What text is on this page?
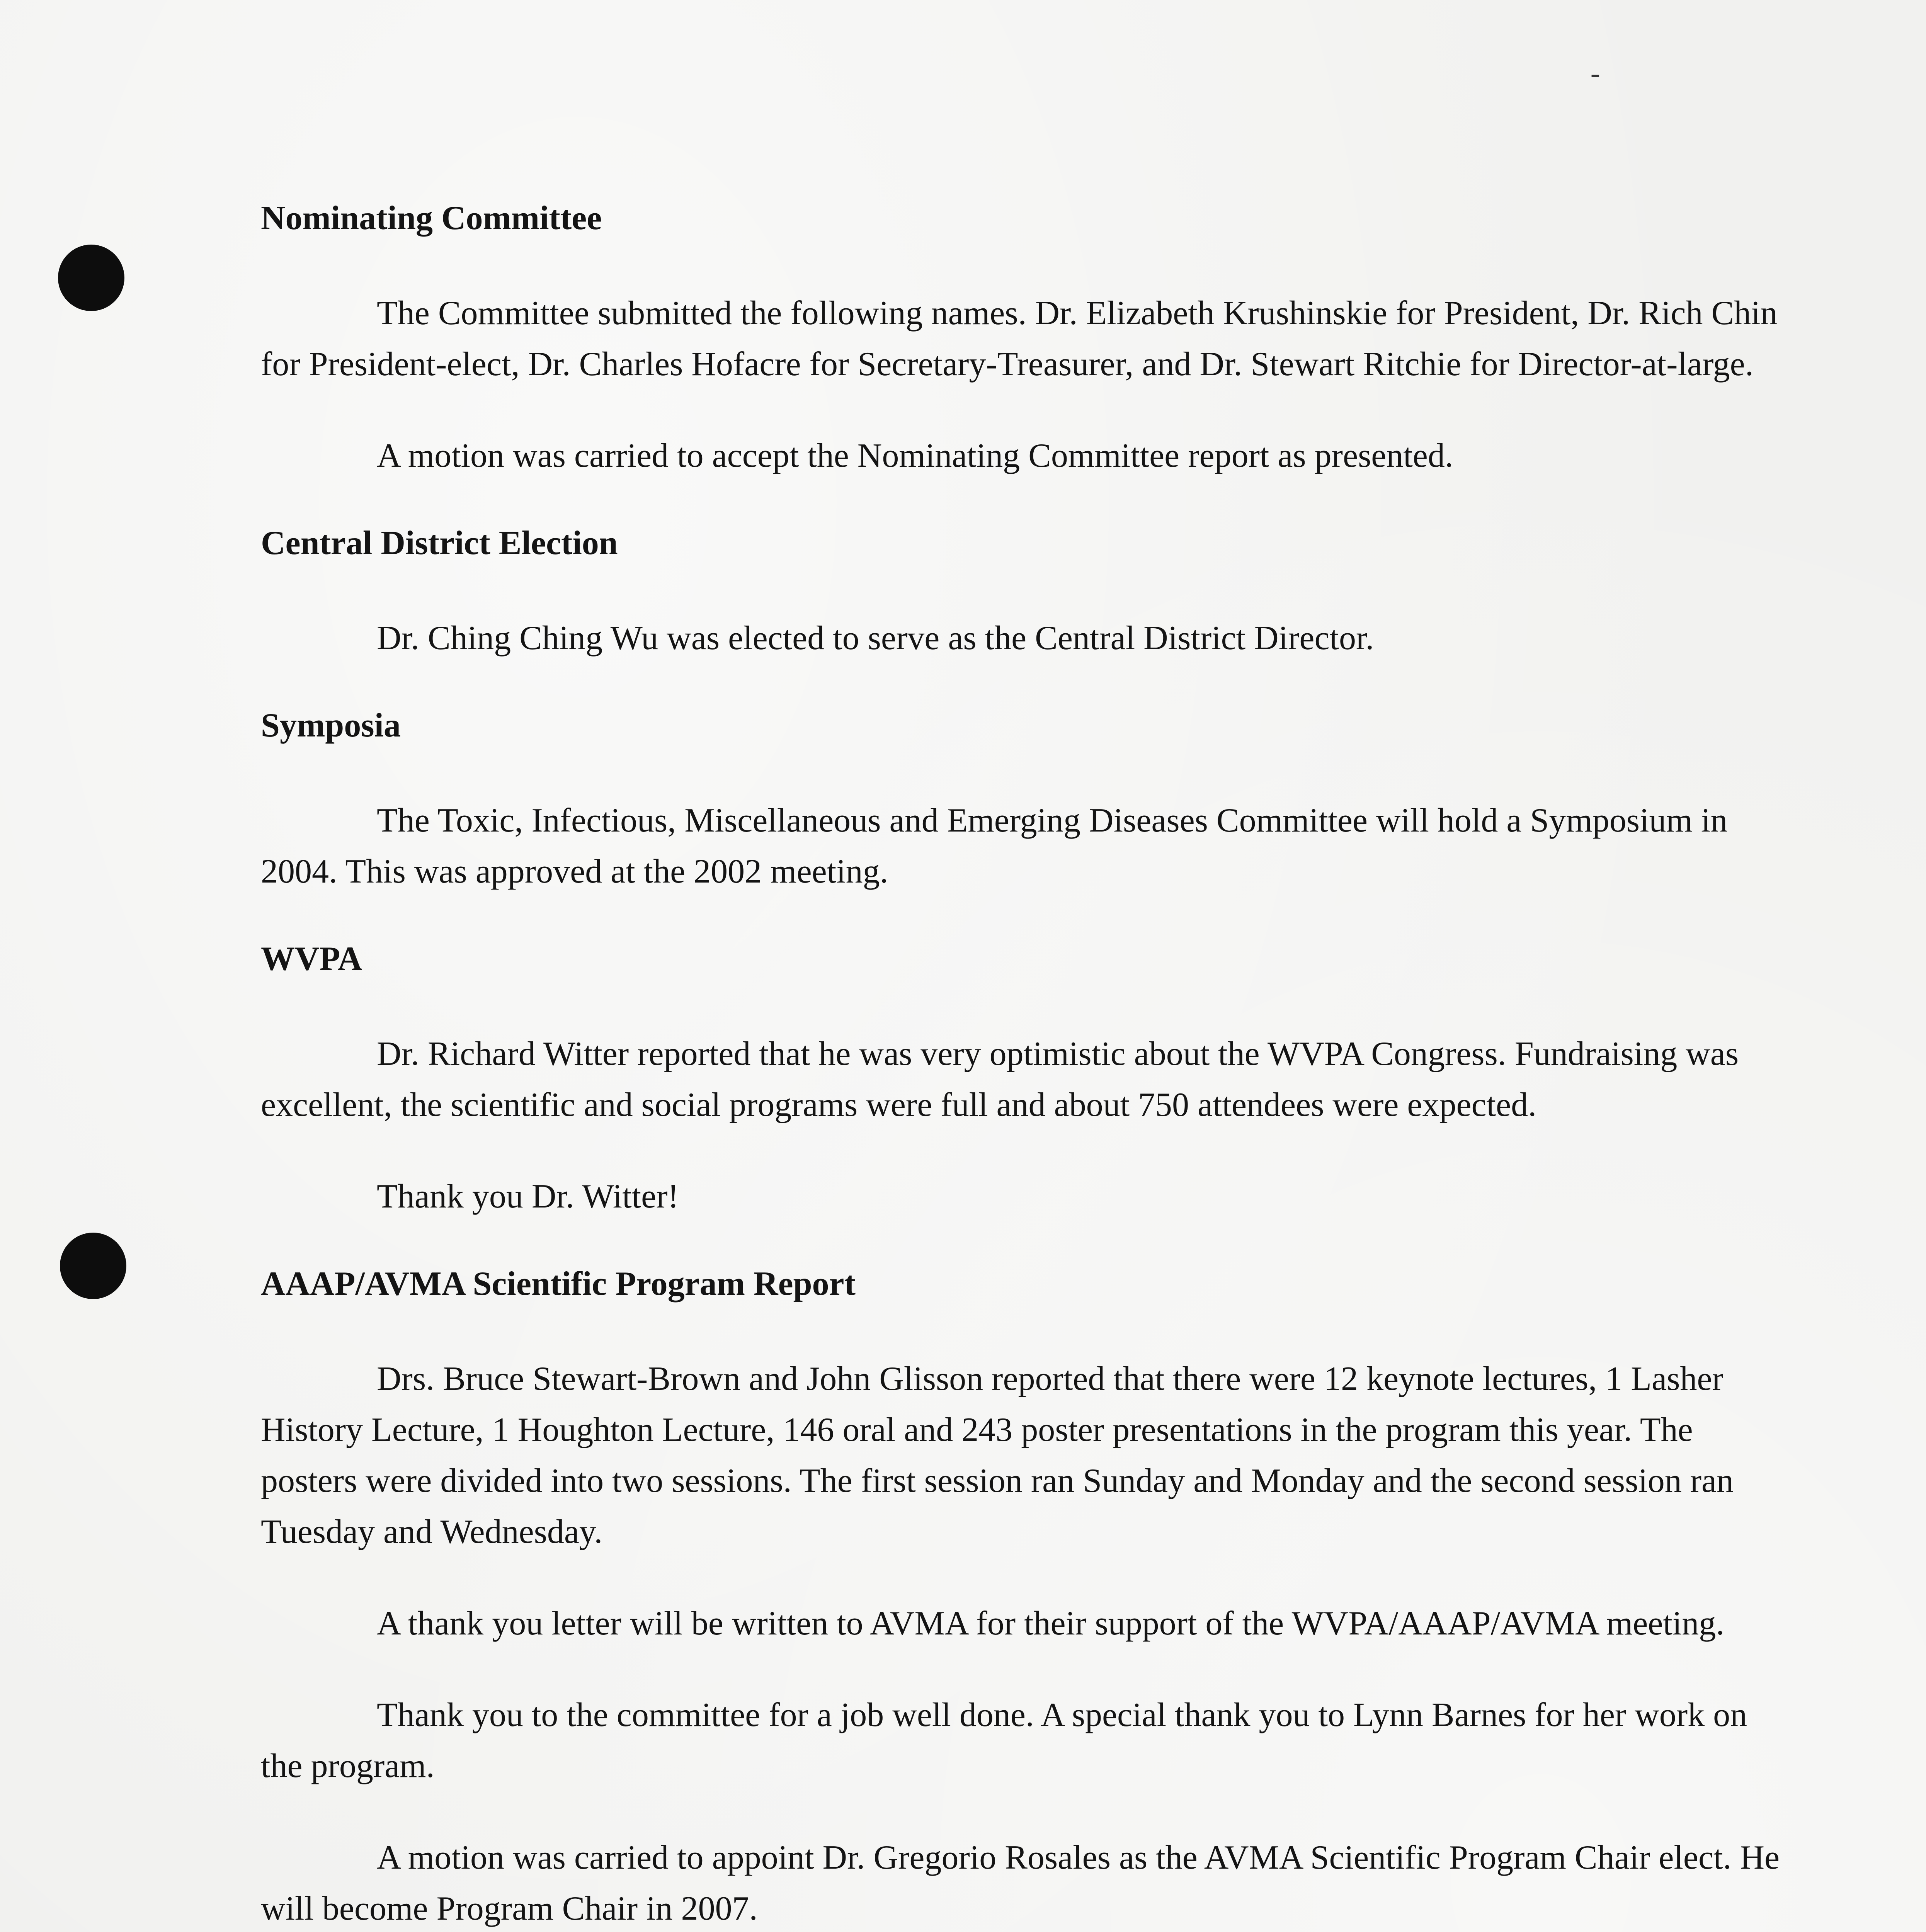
-
Nominating Committee

The Committee submitted the following names. Dr. Elizabeth Krushinskie for President, Dr. Rich Chin for President-elect, Dr. Charles Hofacre for Secretary-Treasurer, and Dr. Stewart Ritchie for Director-at-large.

A motion was carried to accept the Nominating Committee report as presented.

Central District Election

Dr. Ching Ching Wu was elected to serve as the Central District Director.

Symposia

The Toxic, Infectious, Miscellaneous and Emerging Diseases Committee will hold a Symposium in 2004. This was approved at the 2002 meeting.

WVPA

Dr. Richard Witter reported that he was very optimistic about the WVPA Congress. Fundraising was excellent, the scientific and social programs were full and about 750 attendees were expected.

Thank you Dr. Witter!

AAAP/AVMA Scientific Program Report

Drs. Bruce Stewart-Brown and John Glisson reported that there were 12 keynote lectures, 1 Lasher History Lecture, 1 Houghton Lecture, 146 oral and 243 poster presentations in the program this year. The posters were divided into two sessions. The first session ran Sunday and Monday and the second session ran Tuesday and Wednesday.

A thank you letter will be written to AVMA for their support of the WVPA/AAAP/AVMA meeting.

Thank you to the committee for a job well done. A special thank you to Lynn Barnes for her work on the program.

A motion was carried to appoint Dr. Gregorio Rosales as the AVMA Scientific Program Chair elect. He will become Program Chair in 2007.
